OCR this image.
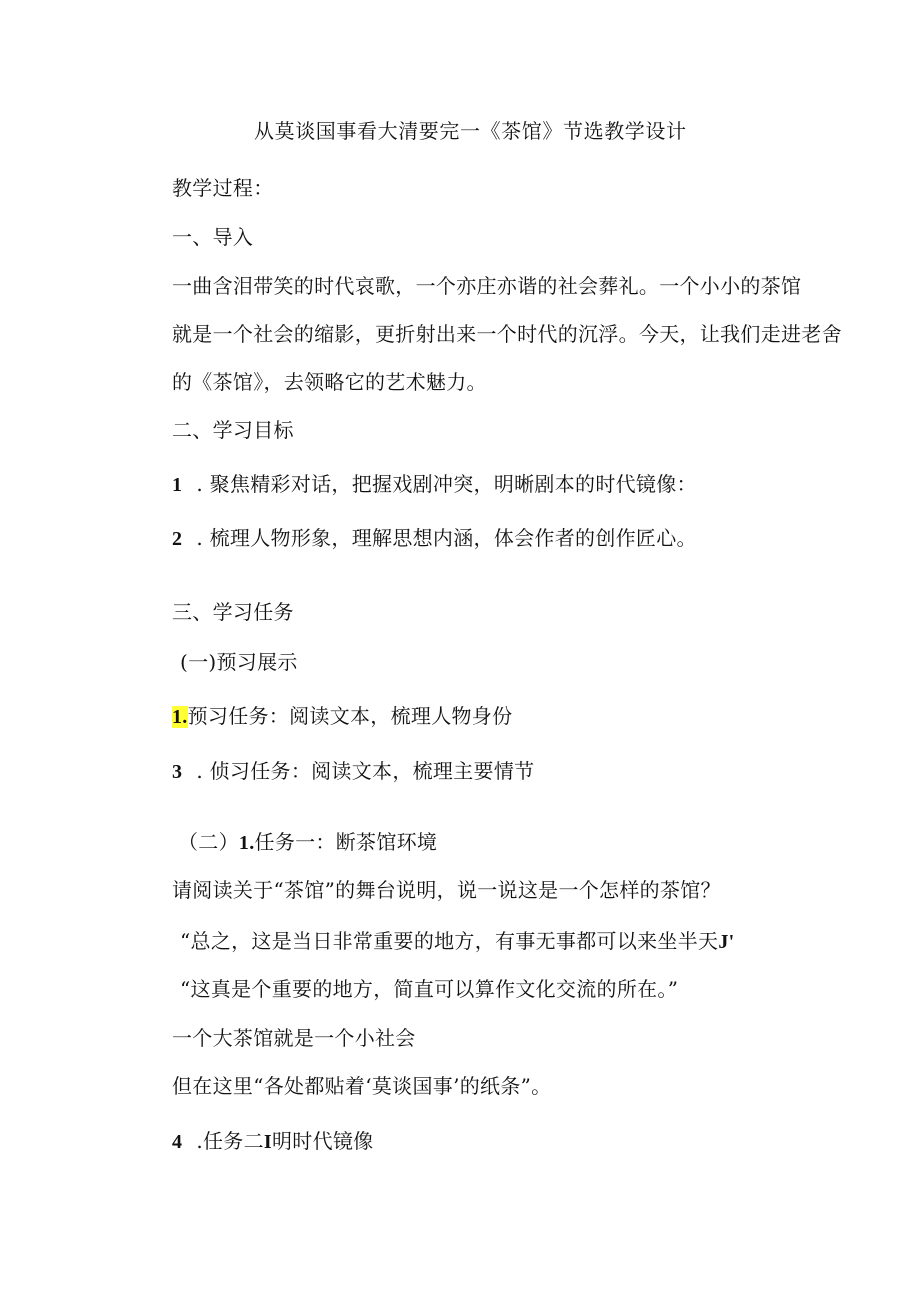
从莫谈国事看大清要完一《茶馆》节选教学设计
教学过程：
一、导入
一曲含泪带笑的时代哀歌，一个亦庄亦谐的社会葬礼。一个小小的茶馆
就是一个社会的缩影，更折射出来一个时代的沉浮。今天，让我们走进老舍
的《茶馆》，去领略它的艺术魅力。
二、学习目标
1 . 聚焦精彩对话，把握戏剧冲突，明晰剧本的时代镜像：
2 . 梳理人物形象，理解思想内涵，体会作者的创作匠心。
三、学习任务
(一)预习展示
1.预习任务：阅读文本，梳理人物身份
3 . 侦习任务：阅读文本，梳理主要情节
（二）1.任务一：断茶馆环境
请阅读关于“茶馆”的舞台说明，说一说这是一个怎样的茶馆？
“总之，这是当日非常重要的地方，有事无事都可以来坐半天J'
“这真是个重要的地方，简直可以算作文化交流的所在。”
一个大茶馆就是一个小社会
但在这里“各处都贴着‘莫谈国事’的纸条”。
4 .任务二I明时代镜像
